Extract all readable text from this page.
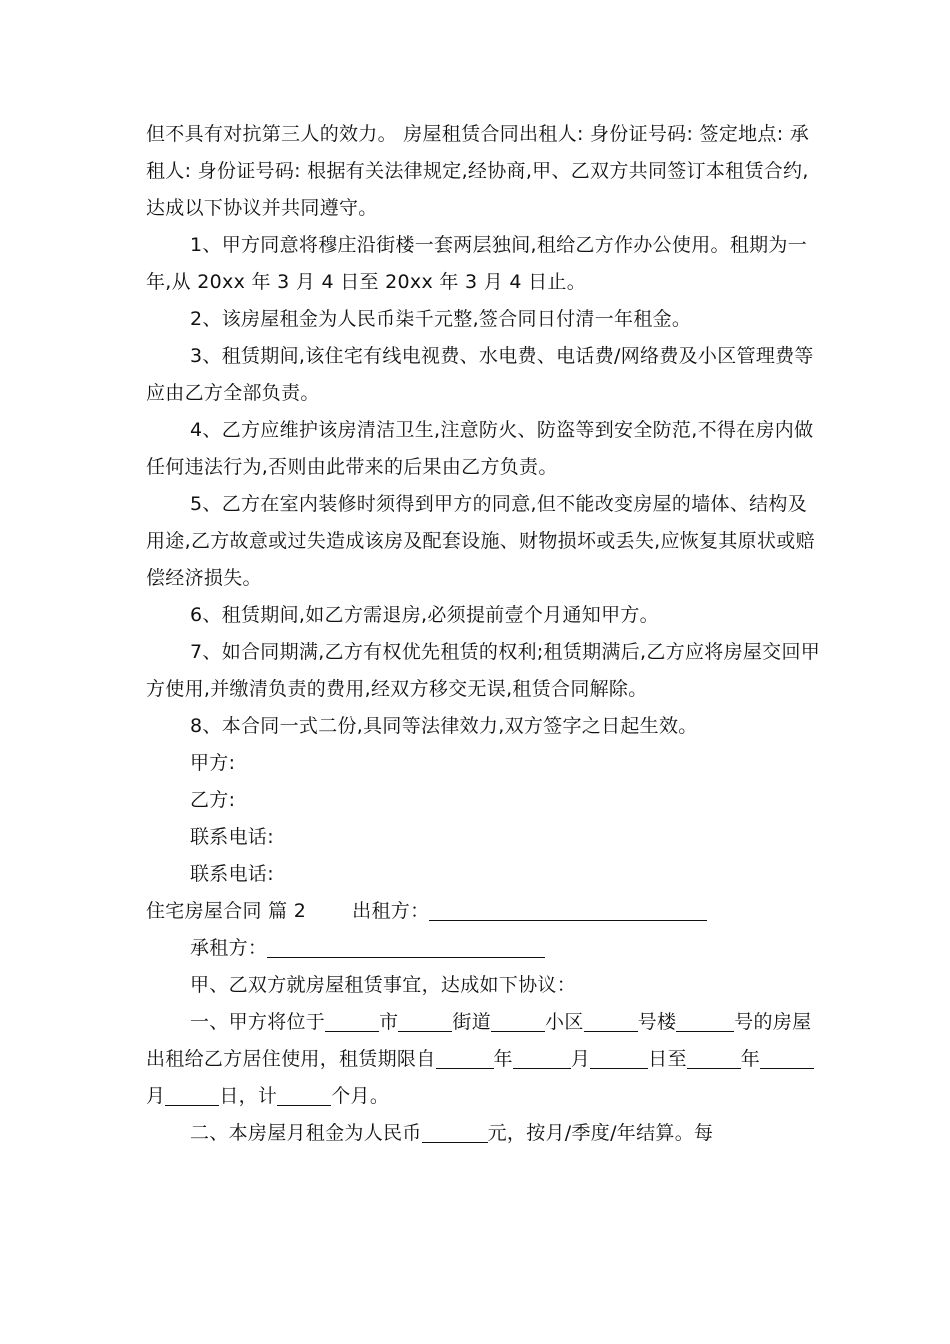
但不具有对抗第三人的效力。 房屋租赁合同出租人: 身份证号码: 签定地点: 承租人: 身份证号码: 根据有关法律规定,经协商,甲、乙双方共同签订本租赁合约,达成以下协议并共同遵守。

1、甲方同意将穆庄沿街楼一套两层独间,租给乙方作办公使用。租期为一年,从 20xx 年 3 月 4 日至 20xx 年 3 月 4 日止。

2、该房屋租金为人民币柒千元整,签合同日付清一年租金。

3、租赁期间,该住宅有线电视费、水电费、电话费/网络费及小区管理费等应由乙方全部负责。

4、乙方应维护该房清洁卫生,注意防火、防盗等到安全防范,不得在房内做任何违法行为,否则由此带来的后果由乙方负责。

5、乙方在室内装修时须得到甲方的同意,但不能改变房屋的墙体、结构及用途,乙方故意或过失造成该房及配套设施、财物损坏或丢失,应恢复其原状或赔偿经济损失。

6、租赁期间,如乙方需退房,必须提前壹个月通知甲方。

7、如合同期满,乙方有权优先租赁的权利;租赁期满后,乙方应将房屋交回甲方使用,并缴清负责的费用,经双方移交无误,租赁合同解除。

8、本合同一式二份,具同等法律效力,双方签字之日起生效。

甲方:

乙方:

联系电话:

联系电话:

住宅房屋合同 篇 2 出租方：

承租方：

甲、乙双方就房屋租赁事宜，达成如下协议：

一、甲方将位于	市	街道	小区	号楼	号的房屋出租给乙方居住使用，租赁期限自	年	月	日至	年月	日，计	个月。

二、本房屋月租金为人民币	元，按月/季度/年结算。每
